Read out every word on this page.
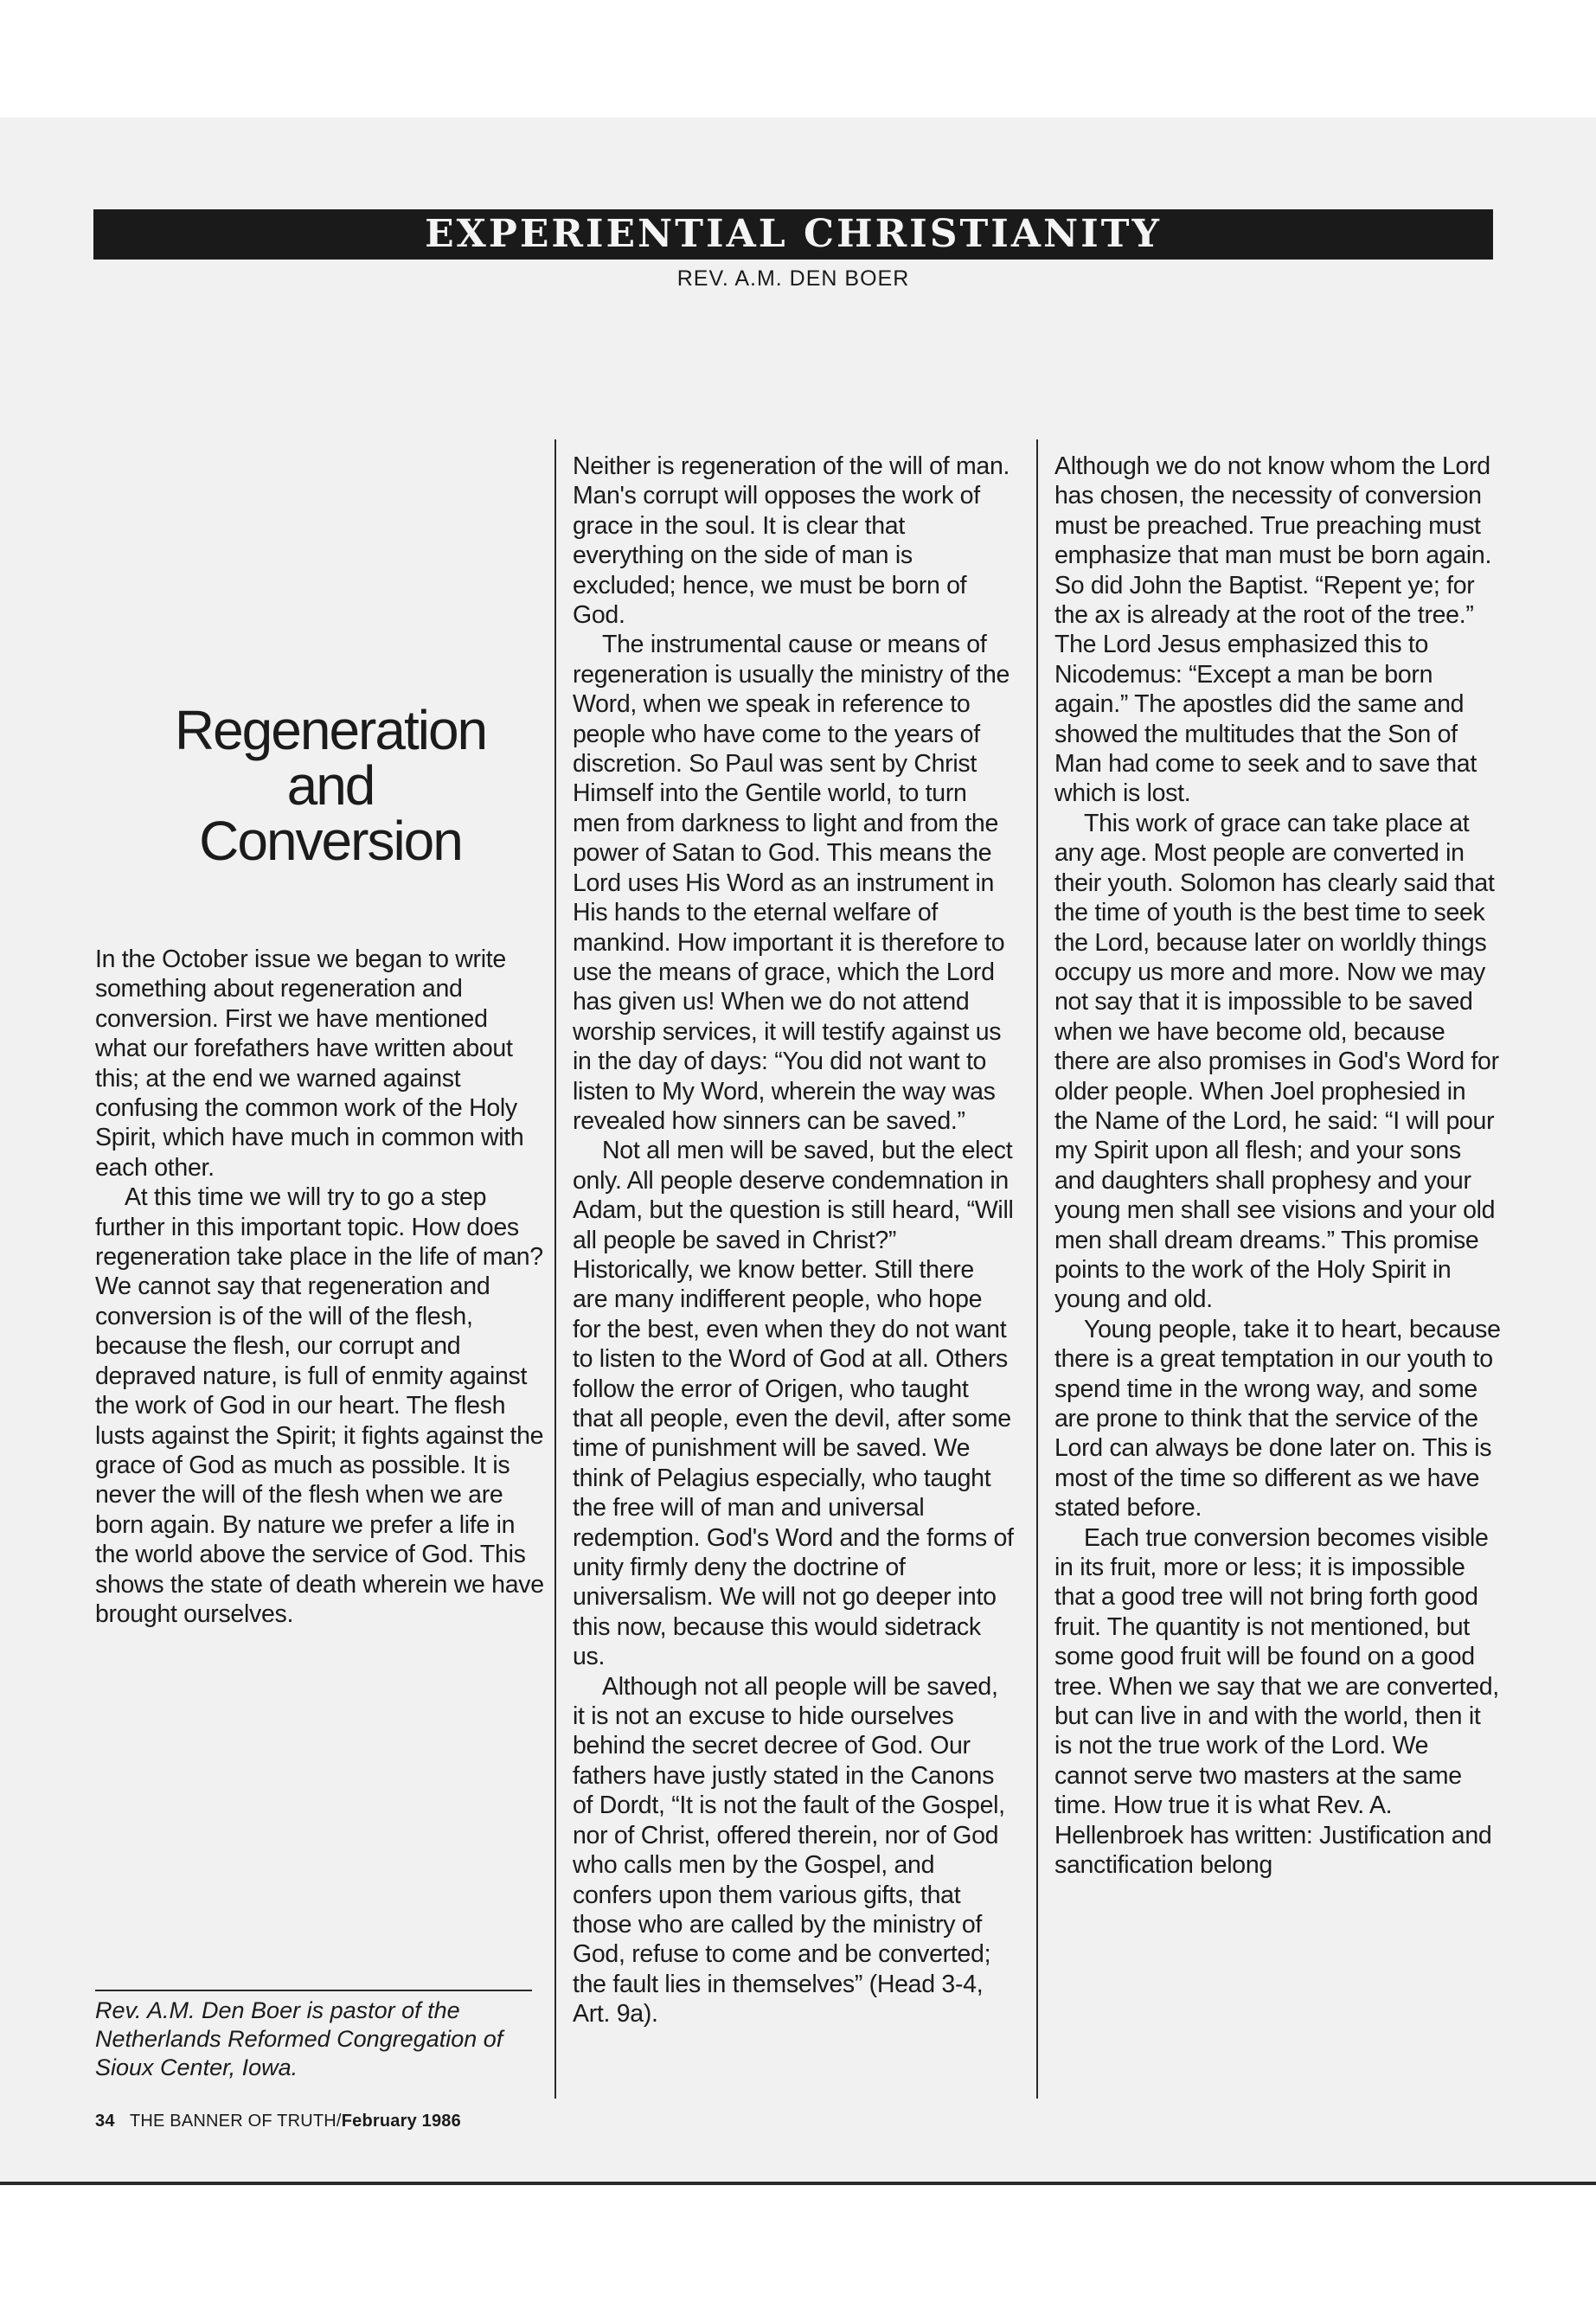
EXPERIENTIAL CHRISTIANITY
REV. A.M. DEN BOER
Regeneration
and
Conversion

In the October issue we began to write something about regeneration and conversion. First we have mentioned what our forefathers have written about this; at the end we warned against confusing the common work of the Holy Spirit, which have much in common with each other.

At this time we will try to go a step further in this important topic. How does regeneration take place in the life of man? We cannot say that regeneration and conversion is of the will of the flesh, because the flesh, our corrupt and depraved nature, is full of enmity against the work of God in our heart. The flesh lusts against the Spirit; it fights against the grace of God as much as possible. It is never the will of the flesh when we are born again. By nature we prefer a life in the world above the service of God. This shows the state of death wherein we have brought ourselves.

Neither is regeneration of the will of man. Man's corrupt will opposes the work of grace in the soul. It is clear that everything on the side of man is excluded; hence, we must be born of God.

The instrumental cause or means of regeneration is usually the ministry of the Word, when we speak in reference to people who have come to the years of discretion. So Paul was sent by Christ Himself into the Gentile world, to turn men from darkness to light and from the power of Satan to God. This means the Lord uses His Word as an instrument in His hands to the eternal welfare of mankind. How important it is therefore to use the means of grace, which the Lord has given us! When we do not attend worship services, it will testify against us in the day of days: “You did not want to listen to My Word, wherein the way was revealed how sinners can be saved.”

Not all men will be saved, but the elect only. All people deserve condemnation in Adam, but the question is still heard, “Will all people be saved in Christ?” Historically, we know better. Still there are many indifferent people, who hope for the best, even when they do not want to listen to the Word of God at all. Others follow the error of Origen, who taught that all people, even the devil, after some time of punishment will be saved. We think of Pelagius especially, who taught the free will of man and universal redemption. God's Word and the forms of unity firmly deny the doctrine of universalism. We will not go deeper into this now, because this would sidetrack us.

Although not all people will be saved, it is not an excuse to hide ourselves behind the secret decree of God. Our fathers have justly stated in the Canons of Dordt, “It is not the fault of the Gospel, nor of Christ, offered therein, nor of God who calls men by the Gospel, and confers upon them various gifts, that those who are called by the ministry of God, refuse to come and be converted; the fault lies in themselves” (Head 3-4, Art. 9a).

Although we do not know whom the Lord has chosen, the necessity of conversion must be preached. True preaching must emphasize that man must be born again. So did John the Baptist. “Repent ye; for the ax is already at the root of the tree.” The Lord Jesus emphasized this to Nicodemus: “Except a man be born again.” The apostles did the same and showed the multitudes that the Son of Man had come to seek and to save that which is lost.

This work of grace can take place at any age. Most people are converted in their youth. Solomon has clearly said that the time of youth is the best time to seek the Lord, because later on worldly things occupy us more and more. Now we may not say that it is impossible to be saved when we have become old, because there are also promises in God's Word for older people. When Joel prophesied in the Name of the Lord, he said: “I will pour my Spirit upon all flesh; and your sons and daughters shall prophesy and your young men shall see visions and your old men shall dream dreams.” This promise points to the work of the Holy Spirit in young and old.

Young people, take it to heart, because there is a great temptation in our youth to spend time in the wrong way, and some are prone to think that the service of the Lord can always be done later on. This is most of the time so different as we have stated before.

Each true conversion becomes visible in its fruit, more or less; it is impossible that a good tree will not bring forth good fruit. The quantity is not mentioned, but some good fruit will be found on a good tree. When we say that we are converted, but can live in and with the world, then it is not the true work of the Lord. We cannot serve two masters at the same time. How true it is what Rev. A. Hellenbroek has written: Justification and sanctification belong

Rev. A.M. Den Boer is pastor of the Netherlands Reformed Congregation of Sioux Center, Iowa.
34 THE BANNER OF TRUTH/February 1986
